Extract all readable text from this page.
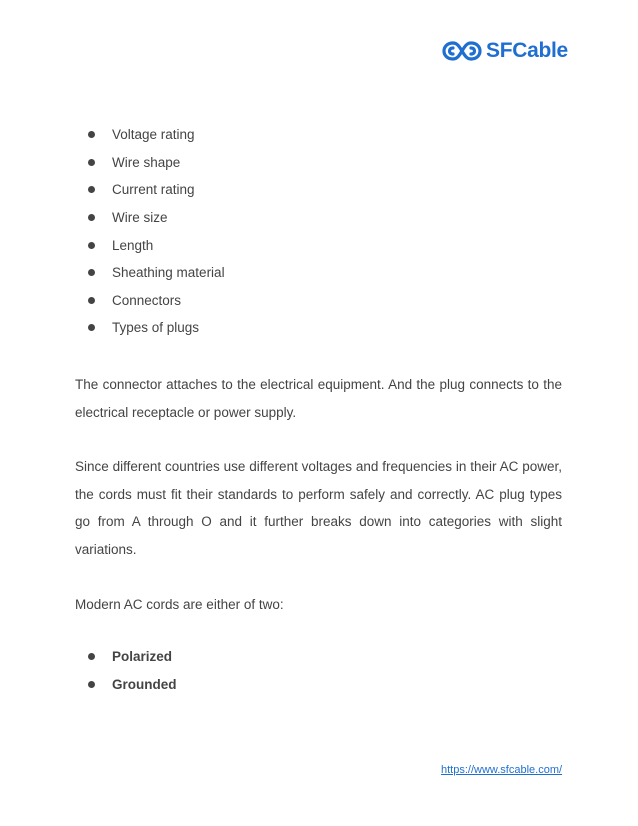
SFCable
Voltage rating
Wire shape
Current rating
Wire size
Length
Sheathing material
Connectors
Types of plugs

The connector attaches to the electrical equipment. And the plug connects to the electrical receptacle or power supply.

Since different countries use different voltages and frequencies in their AC power, the cords must fit their standards to perform safely and correctly. AC plug types go from A through O and it further breaks down into categories with slight variations.

Modern AC cords are either of two:

Polarized
Grounded
https://www.sfcable.com/
